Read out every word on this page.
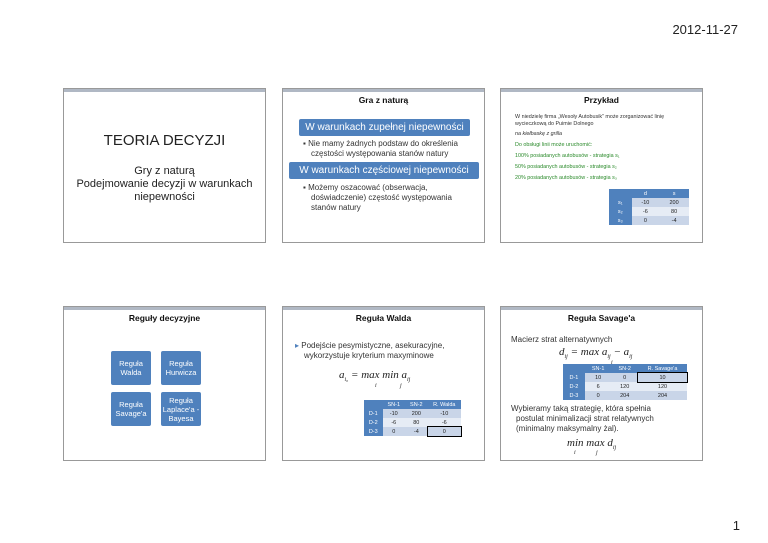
2012-11-27
TEORIA DECYZJI
Gry z naturą
Podejmowanie decyzji w warunkach
niepewności
Gra z naturą
W warunkach zupełnej niepewności
▪ Nie mamy żadnych podstaw do określenia
częstości występowania stanów natury
W warunkach częściowej niepewności
▪ Możemy oszacować (obserwacja,
doświadczenie) częstość występowania
stanów natury
Przykład
W niedzielę firma „Wesoły Autobusik” może zorganizować linię
wycieczkową do Puimie Dolnego
na kiełbaskę z grilla
Do obsługi linii może uruchomić:
100% posiadanych autobusów - strategia s₁
50% posiadanych autobusów - strategia s₂
20% posiadanych autobusów - strategia s₃
	d	s
s₁	-10	200
s₂	-6	80
s₃	0	-4
Reguły decyzyjne
Reguła Walda
Reguła Hurwicza
Reguła Savage'a
Reguła Laplace'a - Bayesa
Reguła Walda
▸ Podejście pesymistyczne, asekuracyjne,
wykorzystuje kryterium maxyminowe
$a_{i_0} = \max \min a_{ij}$
i	j
	SN-1	SN-2	R. Walda
D-1	-10	200	-10
D-2	-6	80	-6
D-3	0	-4	0
Reguła Savage'a
Macierz strat alternatywnych
$d_{ij} = \max a_{ij} - a_{ij}$
i
	SN-1	SN-2	R. Savage'a
D-1	10	0	10
D-2	6	120	120
D-3	0	204	204
Wybieramy taką strategię, która spełnia
postulat minimalizacji strat relatywnych
(minimalny maksymalny żal).
$\min \max d_{ij}$
i	j
1
